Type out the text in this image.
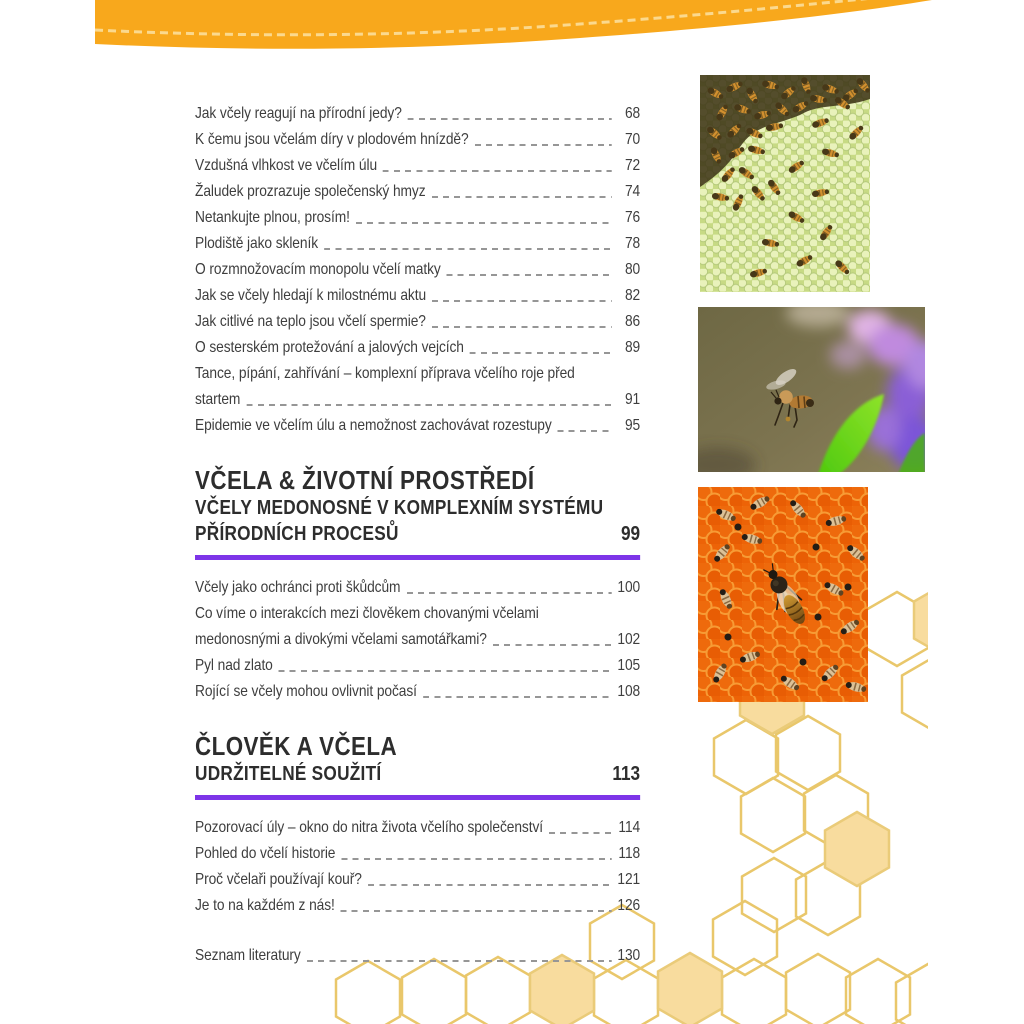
Jak včely reagují na přírodní jedy?	68
K čemu jsou včelám díry v plodovém hnízdě?	70
Vzdušná vlhkost ve včelím úlu	72
Žaludek prozrazuje společenský hmyz	74
Netankujte plnou, prosím!	76
Plodiště jako skleník	78
O rozmnožovacím monopolu včelí matky	80
Jak se včely hledají k milostnému aktu	82
Jak citlivé na teplo jsou včelí spermie?	86
O sesterském protežování a jalových vejcích	89
Tance, pípání, zahřívání – komplexní příprava včelího roje před
startem	91
Epidemie ve včelím úlu a nemožnost zachovávat rozestupy	95
VČELA & ŽIVOTNÍ PROSTŘEDÍ
VČELY MEDONOSNÉ V KOMPLEXNÍM SYSTÉMU PŘÍRODNÍCH PROCESŮ	99
Včely jako ochránci proti škůdcům	100
Co víme o interakcích mezi člověkem chovanými včelami
medonosnými a divokými včelami samotářkami?	102
Pyl nad zlato	105
Rojící se včely mohou ovlivnit počasí	108
ČLOVĚK A VČELA
UDRŽITELNÉ SOUŽITÍ	113
Pozorovací úly – okno do nitra života včelího společenství	114
Pohled do včelí historie	118
Proč včelaři používají kouř?	121
Je to na každém z nás!	126
Seznam literatury	130
